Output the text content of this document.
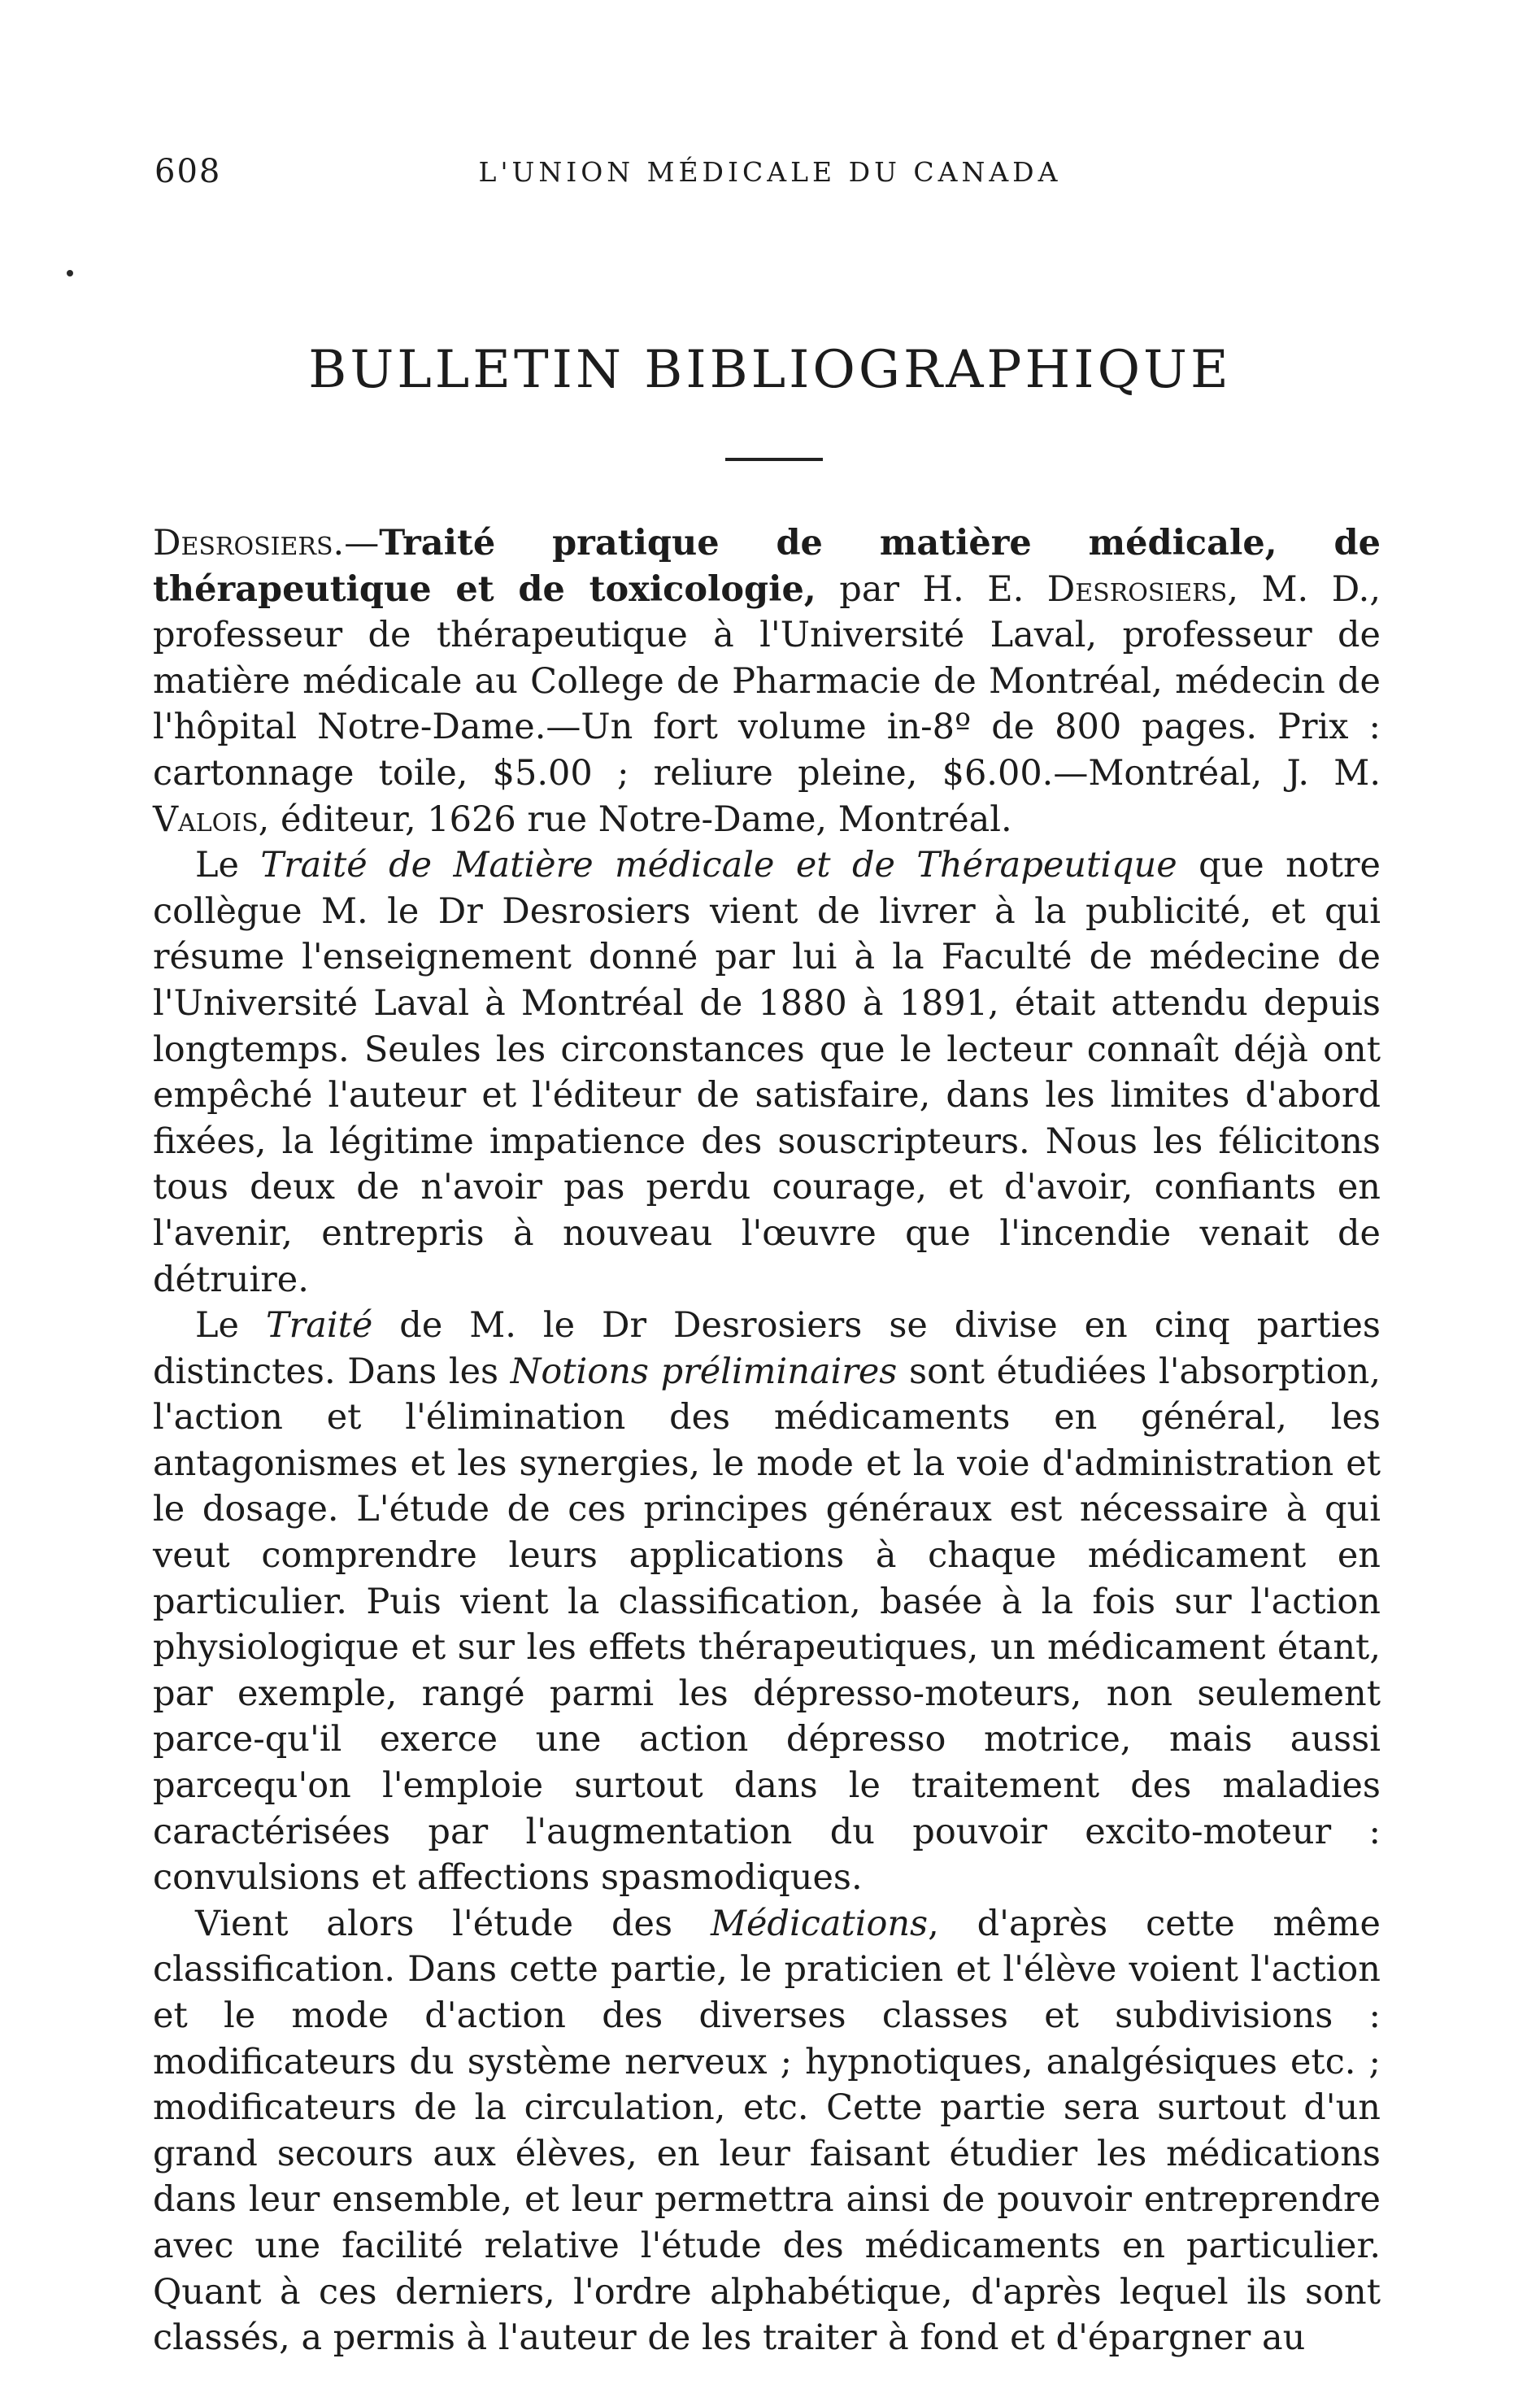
608	L'UNION MÉDICALE DU CANADA
BULLETIN BIBLIOGRAPHIQUE

Desrosiers.—Traité pratique de matière médicale, de thérapeutique et de toxicologie, par H. E. Desrosiers, M. D., professeur de thérapeutique à l'Université Laval, professeur de matière médicale au College de Pharmacie de Montréal, médecin de l'hôpital Notre-Dame.—Un fort volume in-8º de 800 pages. Prix : cartonnage toile, $5.00 ; reliure pleine, $6.00.—Montréal, J. M. Valois, éditeur, 1626 rue Notre-Dame, Montréal.

Le Traité de Matière médicale et de Thérapeutique que notre collègue M. le Dr Desrosiers vient de livrer à la publicité, et qui résume l'enseignement donné par lui à la Faculté de médecine de l'Université Laval à Montréal de 1880 à 1891, était attendu depuis longtemps. Seules les circonstances que le lecteur connaît déjà ont empêché l'auteur et l'éditeur de satisfaire, dans les limites d'abord fixées, la légitime impatience des souscripteurs. Nous les félicitons tous deux de n'avoir pas perdu courage, et d'avoir, confiants en l'avenir, entrepris à nouveau l'œuvre que l'incendie venait de détruire.

Le Traité de M. le Dr Desrosiers se divise en cinq parties distinctes. Dans les Notions préliminaires sont étudiées l'absorption, l'action et l'élimination des médicaments en général, les antagonismes et les synergies, le mode et la voie d'administration et le dosage. L'étude de ces principes généraux est nécessaire à qui veut comprendre leurs applications à chaque médicament en particulier. Puis vient la classification, basée à la fois sur l'action physiologique et sur les effets thérapeutiques, un médicament étant, par exemple, rangé parmi les dépresso-moteurs, non seulement parce-qu'il exerce une action dépresso motrice, mais aussi parcequ'on l'emploie surtout dans le traitement des maladies caractérisées par l'augmentation du pouvoir excito-moteur : convulsions et affections spasmodiques.

Vient alors l'étude des Médications, d'après cette même classification. Dans cette partie, le praticien et l'élève voient l'action et le mode d'action des diverses classes et subdivisions : modificateurs du système nerveux ; hypnotiques, analgésiques etc. ; modificateurs de la circulation, etc. Cette partie sera surtout d'un grand secours aux élèves, en leur faisant étudier les médications dans leur ensemble, et leur permettra ainsi de pouvoir entreprendre avec une facilité relative l'étude des médicaments en particulier. Quant à ces derniers, l'ordre alphabétique, d'après lequel ils sont classés, a permis à l'auteur de les traiter à fond et d'épargner au
